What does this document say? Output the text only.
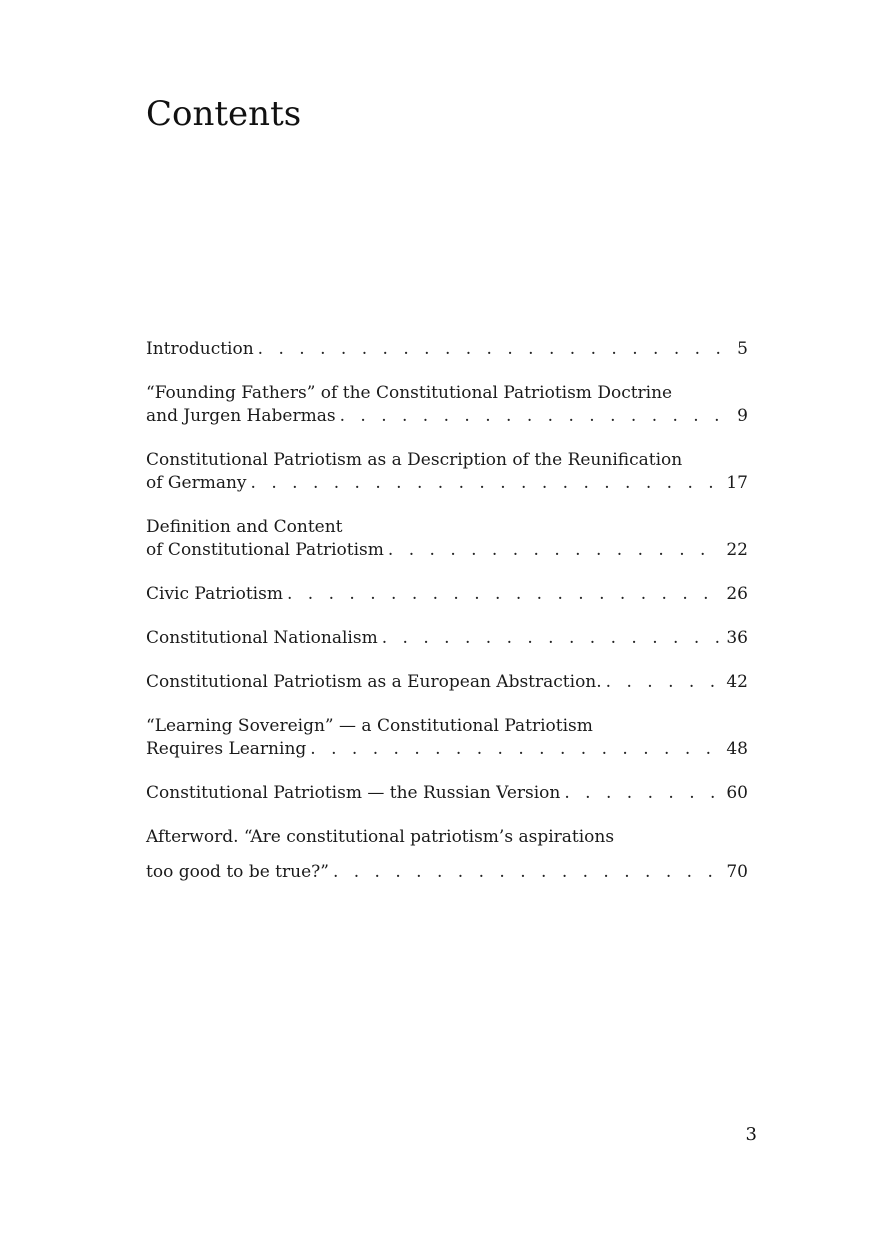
Contents
Introduction . . .	5
“Founding Fathers” of the Constitutional Patriotism Doctrine
and Jurgen Habermas . . .	9
Constitutional Patriotism as a Description of the Reunification
of Germany . . .	17
Definition and Content
of Constitutional Patriotism . . .	22
Civic Patriotism . . .	26
Constitutional Nationalism . . .	36
Constitutional Patriotism as a European Abstraction. . . .	42
“Learning Sovereign” — a Constitutional Patriotism
Requires Learning . . .	48
Constitutional Patriotism — the Russian Version . . .	60
Afterword. “Are constitutional patriotism’s aspirations
too good to be true?” . . .	70
3
